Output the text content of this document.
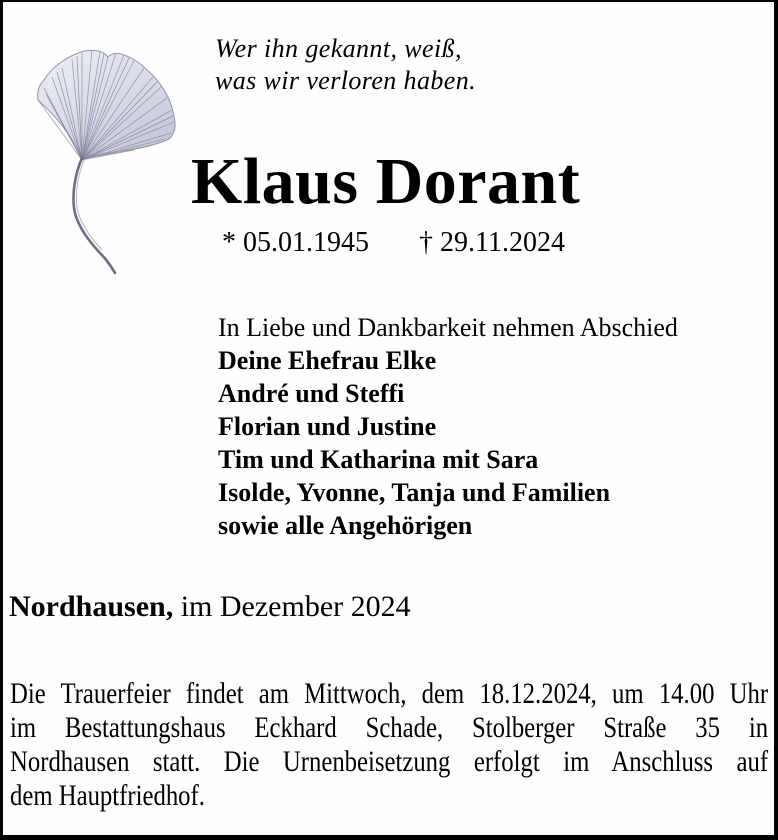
Wer ihn gekannt, weiß,
was wir verloren haben.
Klaus Dorant
* 05.01.1945 † 29.11.2024
In Liebe und Dankbarkeit nehmen Abschied
Deine Ehefrau Elke
André und Steffi
Florian und Justine
Tim und Katharina mit Sara
Isolde, Yvonne, Tanja und Familien
sowie alle Angehörigen
Nordhausen, im Dezember 2024
Die Trauerfeier findet am Mittwoch, dem 18.12.2024, um 14.00 Uhr
im Bestattungshaus Eckhard Schade, Stolberger Straße 35 in
Nordhausen statt. Die Urnenbeisetzung erfolgt im Anschluss auf
dem Hauptfriedhof.
